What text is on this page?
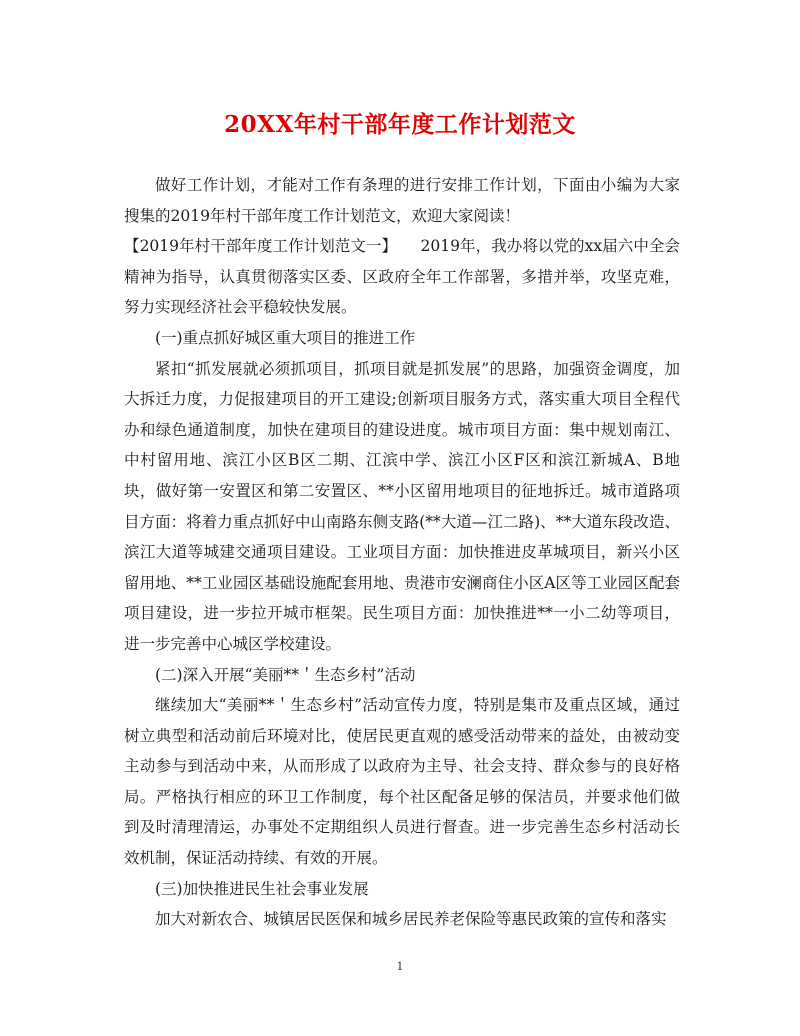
20XX年村干部年度工作计划范文

做好工作计划，才能对工作有条理的进行安排工作计划，下面由小编为大家搜集的2019年村干部年度工作计划范文，欢迎大家阅读！

【2019年村干部年度工作计划范文一】　　2019年，我办将以党的xx届六中全会精神为指导，认真贯彻落实区委、区政府全年工作部署，多措并举，攻坚克难，努力实现经济社会平稳较快发展。

(一)重点抓好城区重大项目的推进工作

紧扣“抓发展就必须抓项目，抓项目就是抓发展”的思路，加强资金调度，加大拆迁力度，力促报建项目的开工建设;创新项目服务方式，落实重大项目全程代办和绿色通道制度，加快在建项目的建设进度。城市项目方面：集中规划南江、中村留用地、滨江小区B区二期、江滨中学、滨江小区F区和滨江新城A、B地块，做好第一安置区和第二安置区、**小区留用地项目的征地拆迁。城市道路项目方面：将着力重点抓好中山南路东侧支路(**大道—江二路)、**大道东段改造、滨江大道等城建交通项目建设。工业项目方面：加快推进皮革城项目，新兴小区留用地、**工业园区基础设施配套用地、贵港市安澜商住小区A区等工业园区配套项目建设，进一步拉开城市框架。民生项目方面：加快推进**一小二幼等项目，进一步完善中心城区学校建设。

(二)深入开展“美丽**＇生态乡村”活动

继续加大“美丽**＇生态乡村”活动宣传力度，特别是集市及重点区域，通过树立典型和活动前后环境对比，使居民更直观的感受活动带来的益处，由被动变主动参与到活动中来，从而形成了以政府为主导、社会支持、群众参与的良好格局。严格执行相应的环卫工作制度，每个社区配备足够的保洁员，并要求他们做到及时清理清运，办事处不定期组织人员进行督查。进一步完善生态乡村活动长效机制，保证活动持续、有效的开展。

(三)加快推进民生社会事业发展

加大对新农合、城镇居民医保和城乡居民养老保险等惠民政策的宣传和落实

1
